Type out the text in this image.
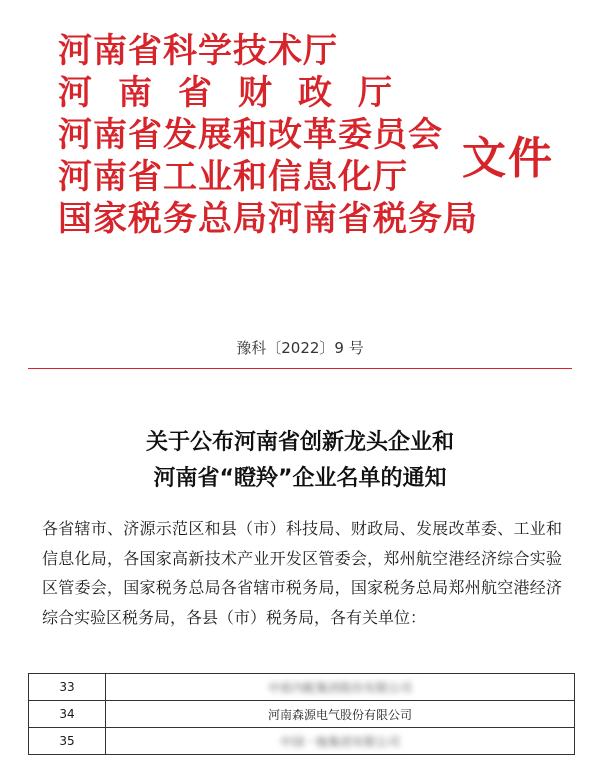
河南省科学技术厅
河南省财政厅
河南省发展和改革委员会
河南省工业和信息化厅
国家税务总局河南省税务局
文件
豫科〔2022〕9 号
关于公布河南省创新龙头企业和
河南省“瞪羚”企业名单的通知
各省辖市、济源示范区和县（市）科技局、财政局、发展改革委、工业和信息化局，各国家高新技术产业开发区管委会，郑州航空港经济综合实验区管委会，国家税务总局各省辖市税务局，国家税务总局郑州航空港经济综合实验区税务局，各县（市）税务局，各有关单位：
33	中原内配集团股份有限公司
34	河南森源电气股份有限公司
35	中国一拖集团有限公司
